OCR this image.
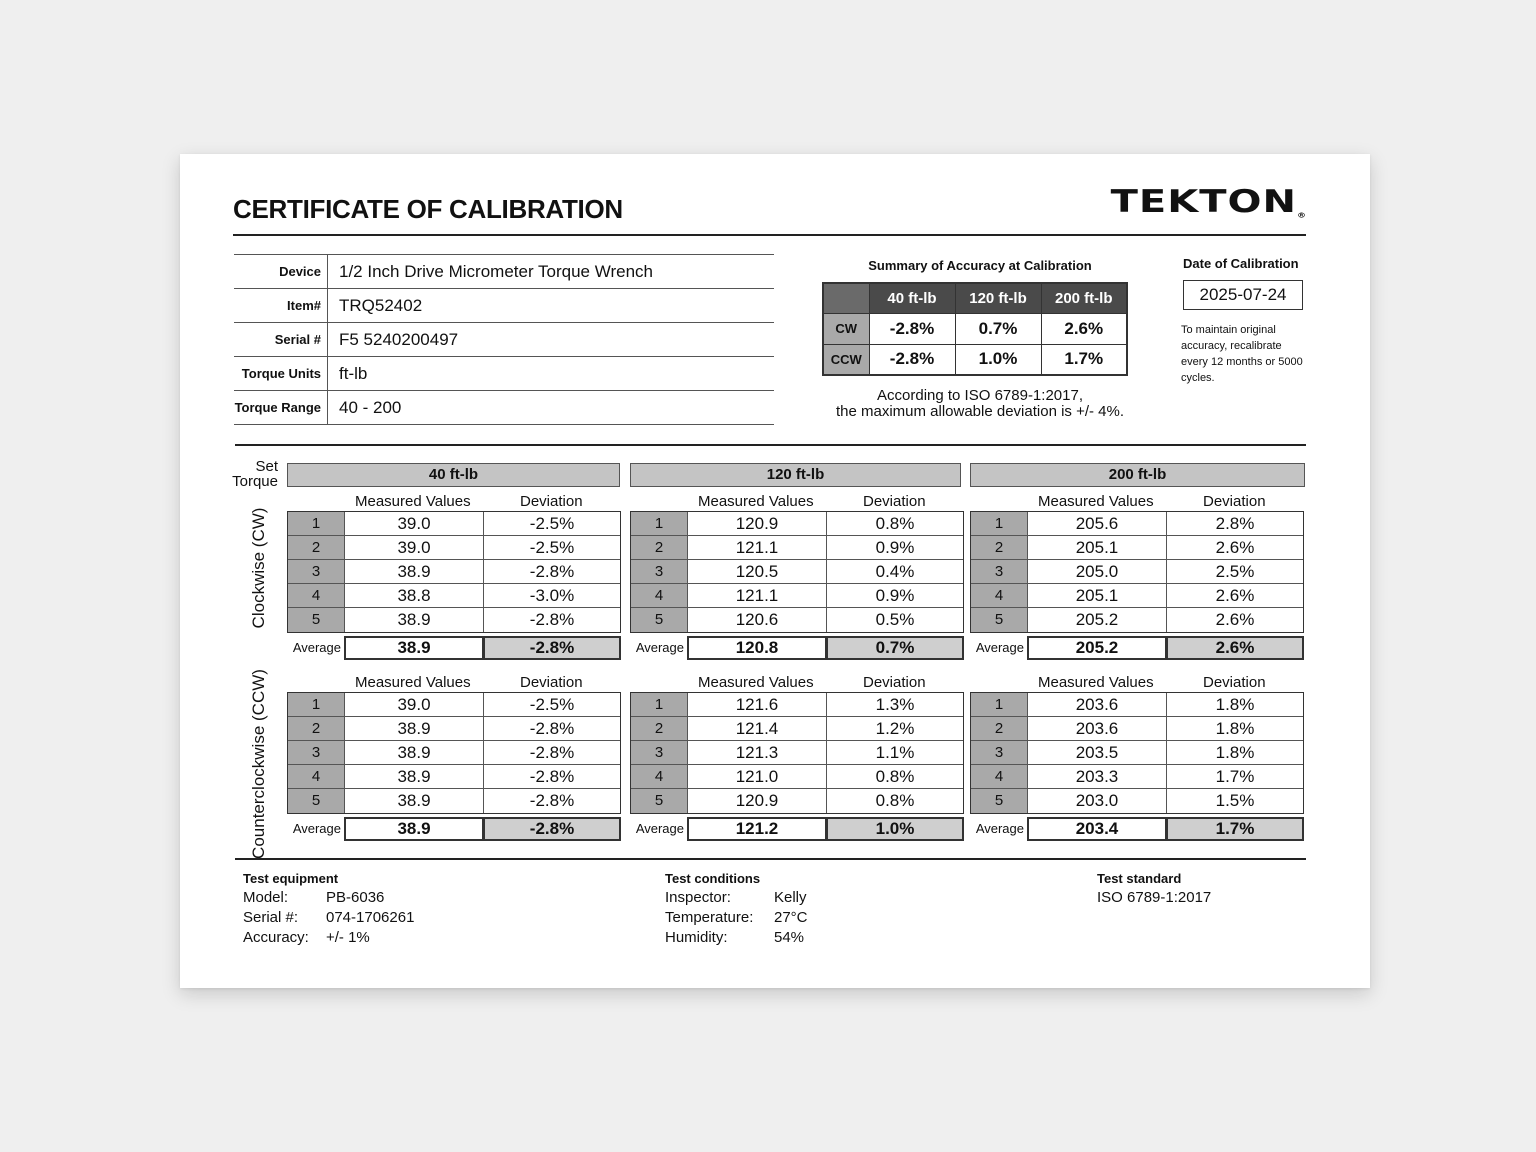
CERTIFICATE OF CALIBRATION	TEKTON®
Device	1/2 Inch Drive Micrometer Torque Wrench
Item#	TRQ52402
Serial #	F5 5240200497
Torque Units	ft-lb
Torque Range	40 - 200
Summary of Accuracy at Calibration
	40 ft-lb	120 ft-lb	200 ft-lb
CW	-2.8%	0.7%	2.6%
CCW	-2.8%	1.0%	1.7%
According to ISO 6789-1:2017,
the maximum allowable deviation is +/- 4%.
Date of Calibration
2025-07-24
To maintain original accuracy, recalibrate every 12 months or 5000 cycles.
Set
Torque	40 ft-lb	120 ft-lb	200 ft-lb
Clockwise (CW)
Counterclockwise (CCW)
Measured Values	Deviation
1	39.0	-2.5%
2	39.0	-2.5%
3	38.9	-2.8%
4	38.8	-3.0%
5	38.9	-2.8%
Average	38.9	-2.8%
Measured Values	Deviation
1	120.9	0.8%
2	121.1	0.9%
3	120.5	0.4%
4	121.1	0.9%
5	120.6	0.5%
Average	120.8	0.7%
Measured Values	Deviation
1	205.6	2.8%
2	205.1	2.6%
3	205.0	2.5%
4	205.1	2.6%
5	205.2	2.6%
Average	205.2	2.6%
Measured Values	Deviation
1	39.0	-2.5%
2	38.9	-2.8%
3	38.9	-2.8%
4	38.9	-2.8%
5	38.9	-2.8%
Average	38.9	-2.8%
Measured Values	Deviation
1	121.6	1.3%
2	121.4	1.2%
3	121.3	1.1%
4	121.0	0.8%
5	120.9	0.8%
Average	121.2	1.0%
Measured Values	Deviation
1	203.6	1.8%
2	203.6	1.8%
3	203.5	1.8%
4	203.3	1.7%
5	203.0	1.5%
Average	203.4	1.7%
Test equipment
Model:	PB-6036
Serial #: 074-1706261
Accuracy: +/- 1%
Test conditions
Inspector:	Kelly
Temperature: 27°C
Humidity:	54%
Test standard
ISO 6789-1:2017
